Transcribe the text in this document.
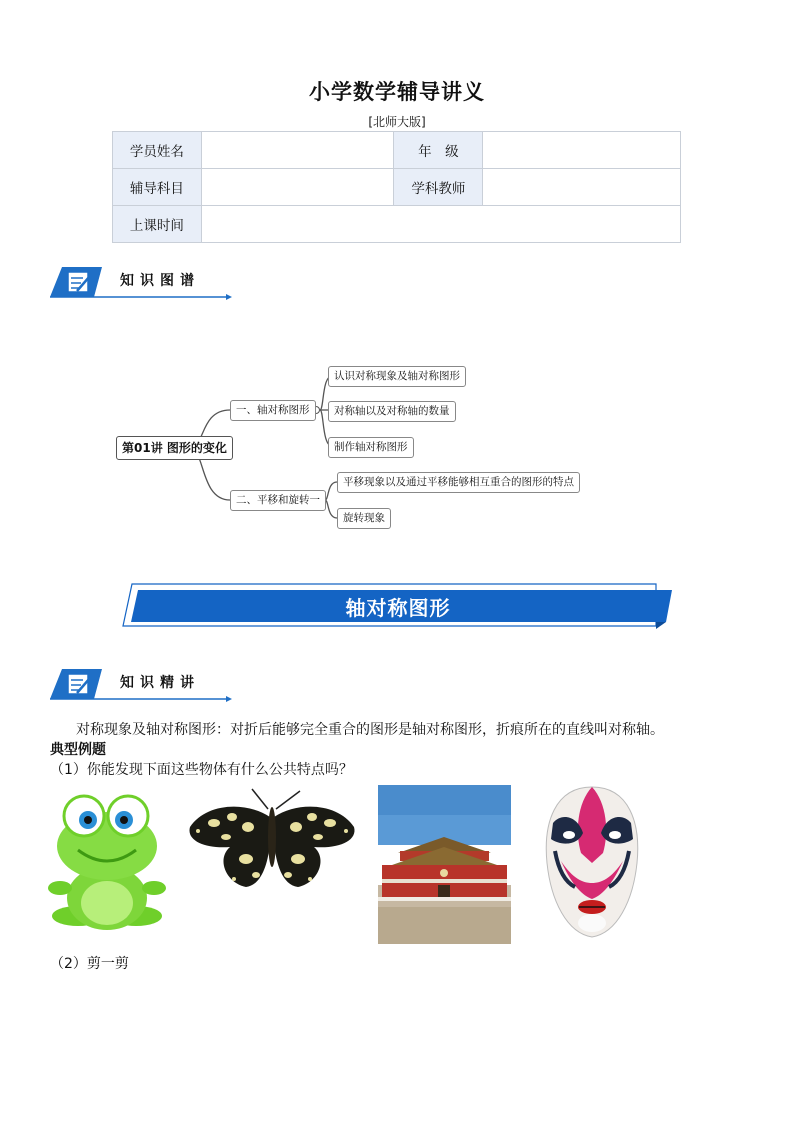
小学数学辅导讲义
[北师大版]
学员姓名		年　级	
辅导科目		学科教师	
上课时间			
知识图谱
第01讲 图形的变化
一、轴对称图形
认识对称现象及轴对称图形
对称轴以及对称轴的数量
制作轴对称图形
二、平移和旋转一
平移现象以及通过平移能够相互重合的图形的特点
旋转现象
轴对称图形
知识精讲
对称现象及轴对称图形：对折后能够完全重合的图形是轴对称图形，折痕所在的直线叫对称轴。
典型例题
（1）你能发现下面这些物体有什么公共特点吗？
（2）剪一剪
